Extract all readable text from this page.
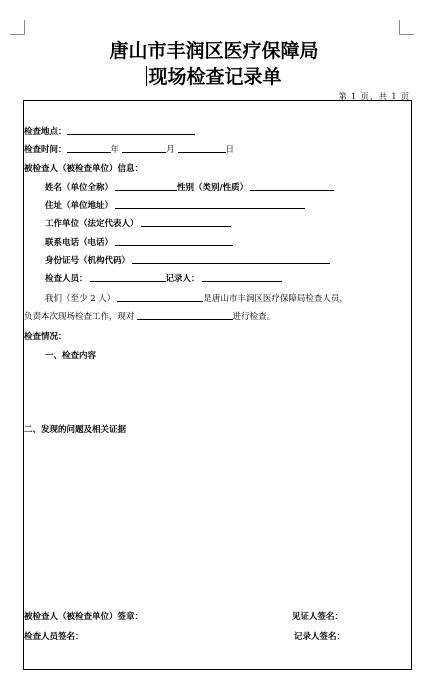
唐山市丰润区医疗保障局
现场检查记录单
第 1 页，共 1 页
检查地点：
检查时间：	年	月	日
被检查人（被检查单位）信息：
姓名（单位全称）	性别（类别/性质）
住址（单位地址）
工作单位（法定代表人）
联系电话（电话）
身份证号（机构代码）
检查人员：	记录人：
我们（至少 2 人）	是唐山市丰润区医疗保障局检查人员，
负责本次现场检查工作，现对	进行检查。
检查情况：
一、检查内容
二、发现的问题及相关证据
被检查人（被检查单位）签章：	见证人签名：
检查人员签名：	记录人签名：
